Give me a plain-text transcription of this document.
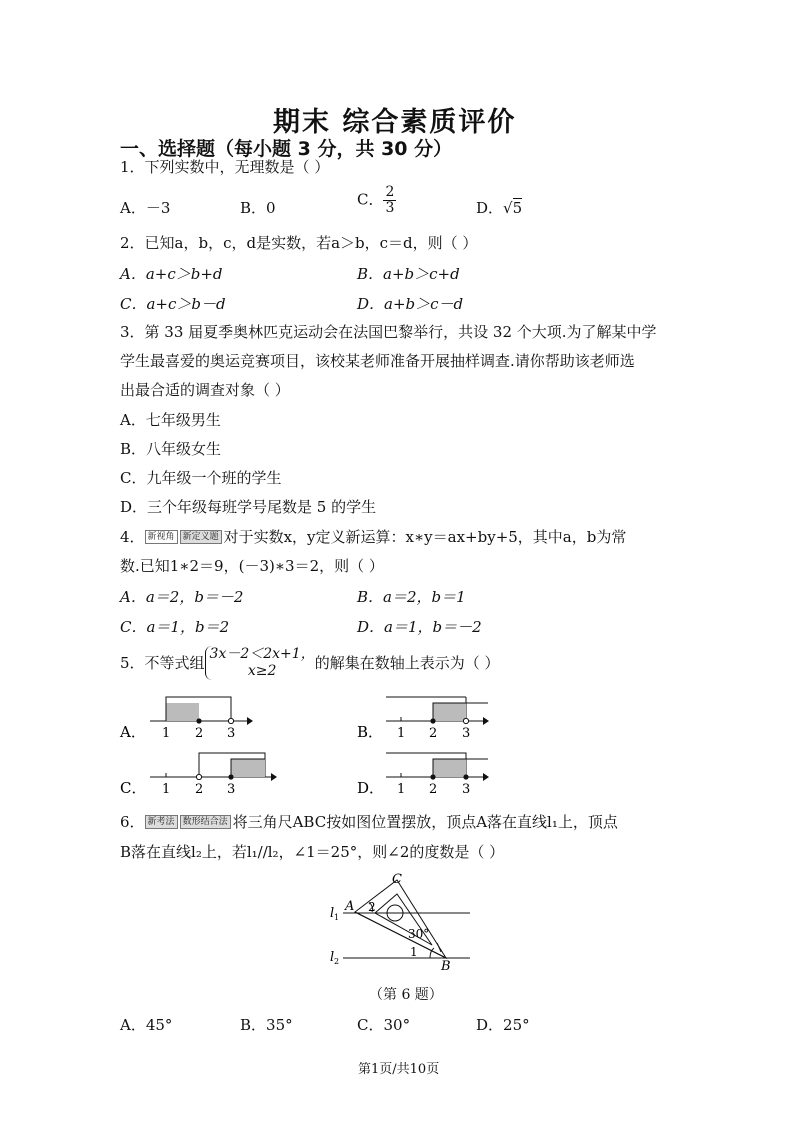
期末 综合素质评价
一、选择题（每小题 3 分，共 30 分）
1．下列实数中，无理数是（ ）
A．－3	B．0	C． $\frac{2}{3}$	D．√5
2．已知a，b，c，d是实数，若a＞b，c＝d，则（ ）
A．a+c＞b+d	B．a+b＞c+d
C．a+c＞b－d	D．a+b＞c－d
3．第 33 届夏季奥林匹克运动会在法国巴黎举行，共设 32 个大项.为了解某中学
学生最喜爱的奥运竞赛项目，该校某老师准备开展抽样调查.请你帮助该老师选
出最合适的调查对象（ ）
A．七年级男生
B．八年级女生
C．九年级一个班的学生
D．三个年级每班学号尾数是 5 的学生
4． 新视角 新定义题 对于实数x，y定义新运算：x∗y＝ax+by+5，其中a，b为常
数.已知1∗2＝9，(－3)∗3＝2，则（ ）
A．a＝2，b＝－2	B．a＝2，b＝1
C．a＝1，b＝2	D．a＝1，b＝－2
5．不等式组 3x－2＜2x+1，
x≥2	的解集在数轴上表示为（ ）
A． 1 2 3	B． 1 2 3
C． 1 2 3	D． 1 2 3
6． 新考法 数形结合法 将三角尺ABC按如图位置摆放，顶点A落在直线l₁上，顶点
B落在直线l₂上，若l₁//l₂，∠1＝25°，则∠2的度数是（ ）
C
A
B
l 1
l 2
2
1
30°
（第 6 题）
A．45°	B．35°	C．30°	D．25°
第1页/共10页
